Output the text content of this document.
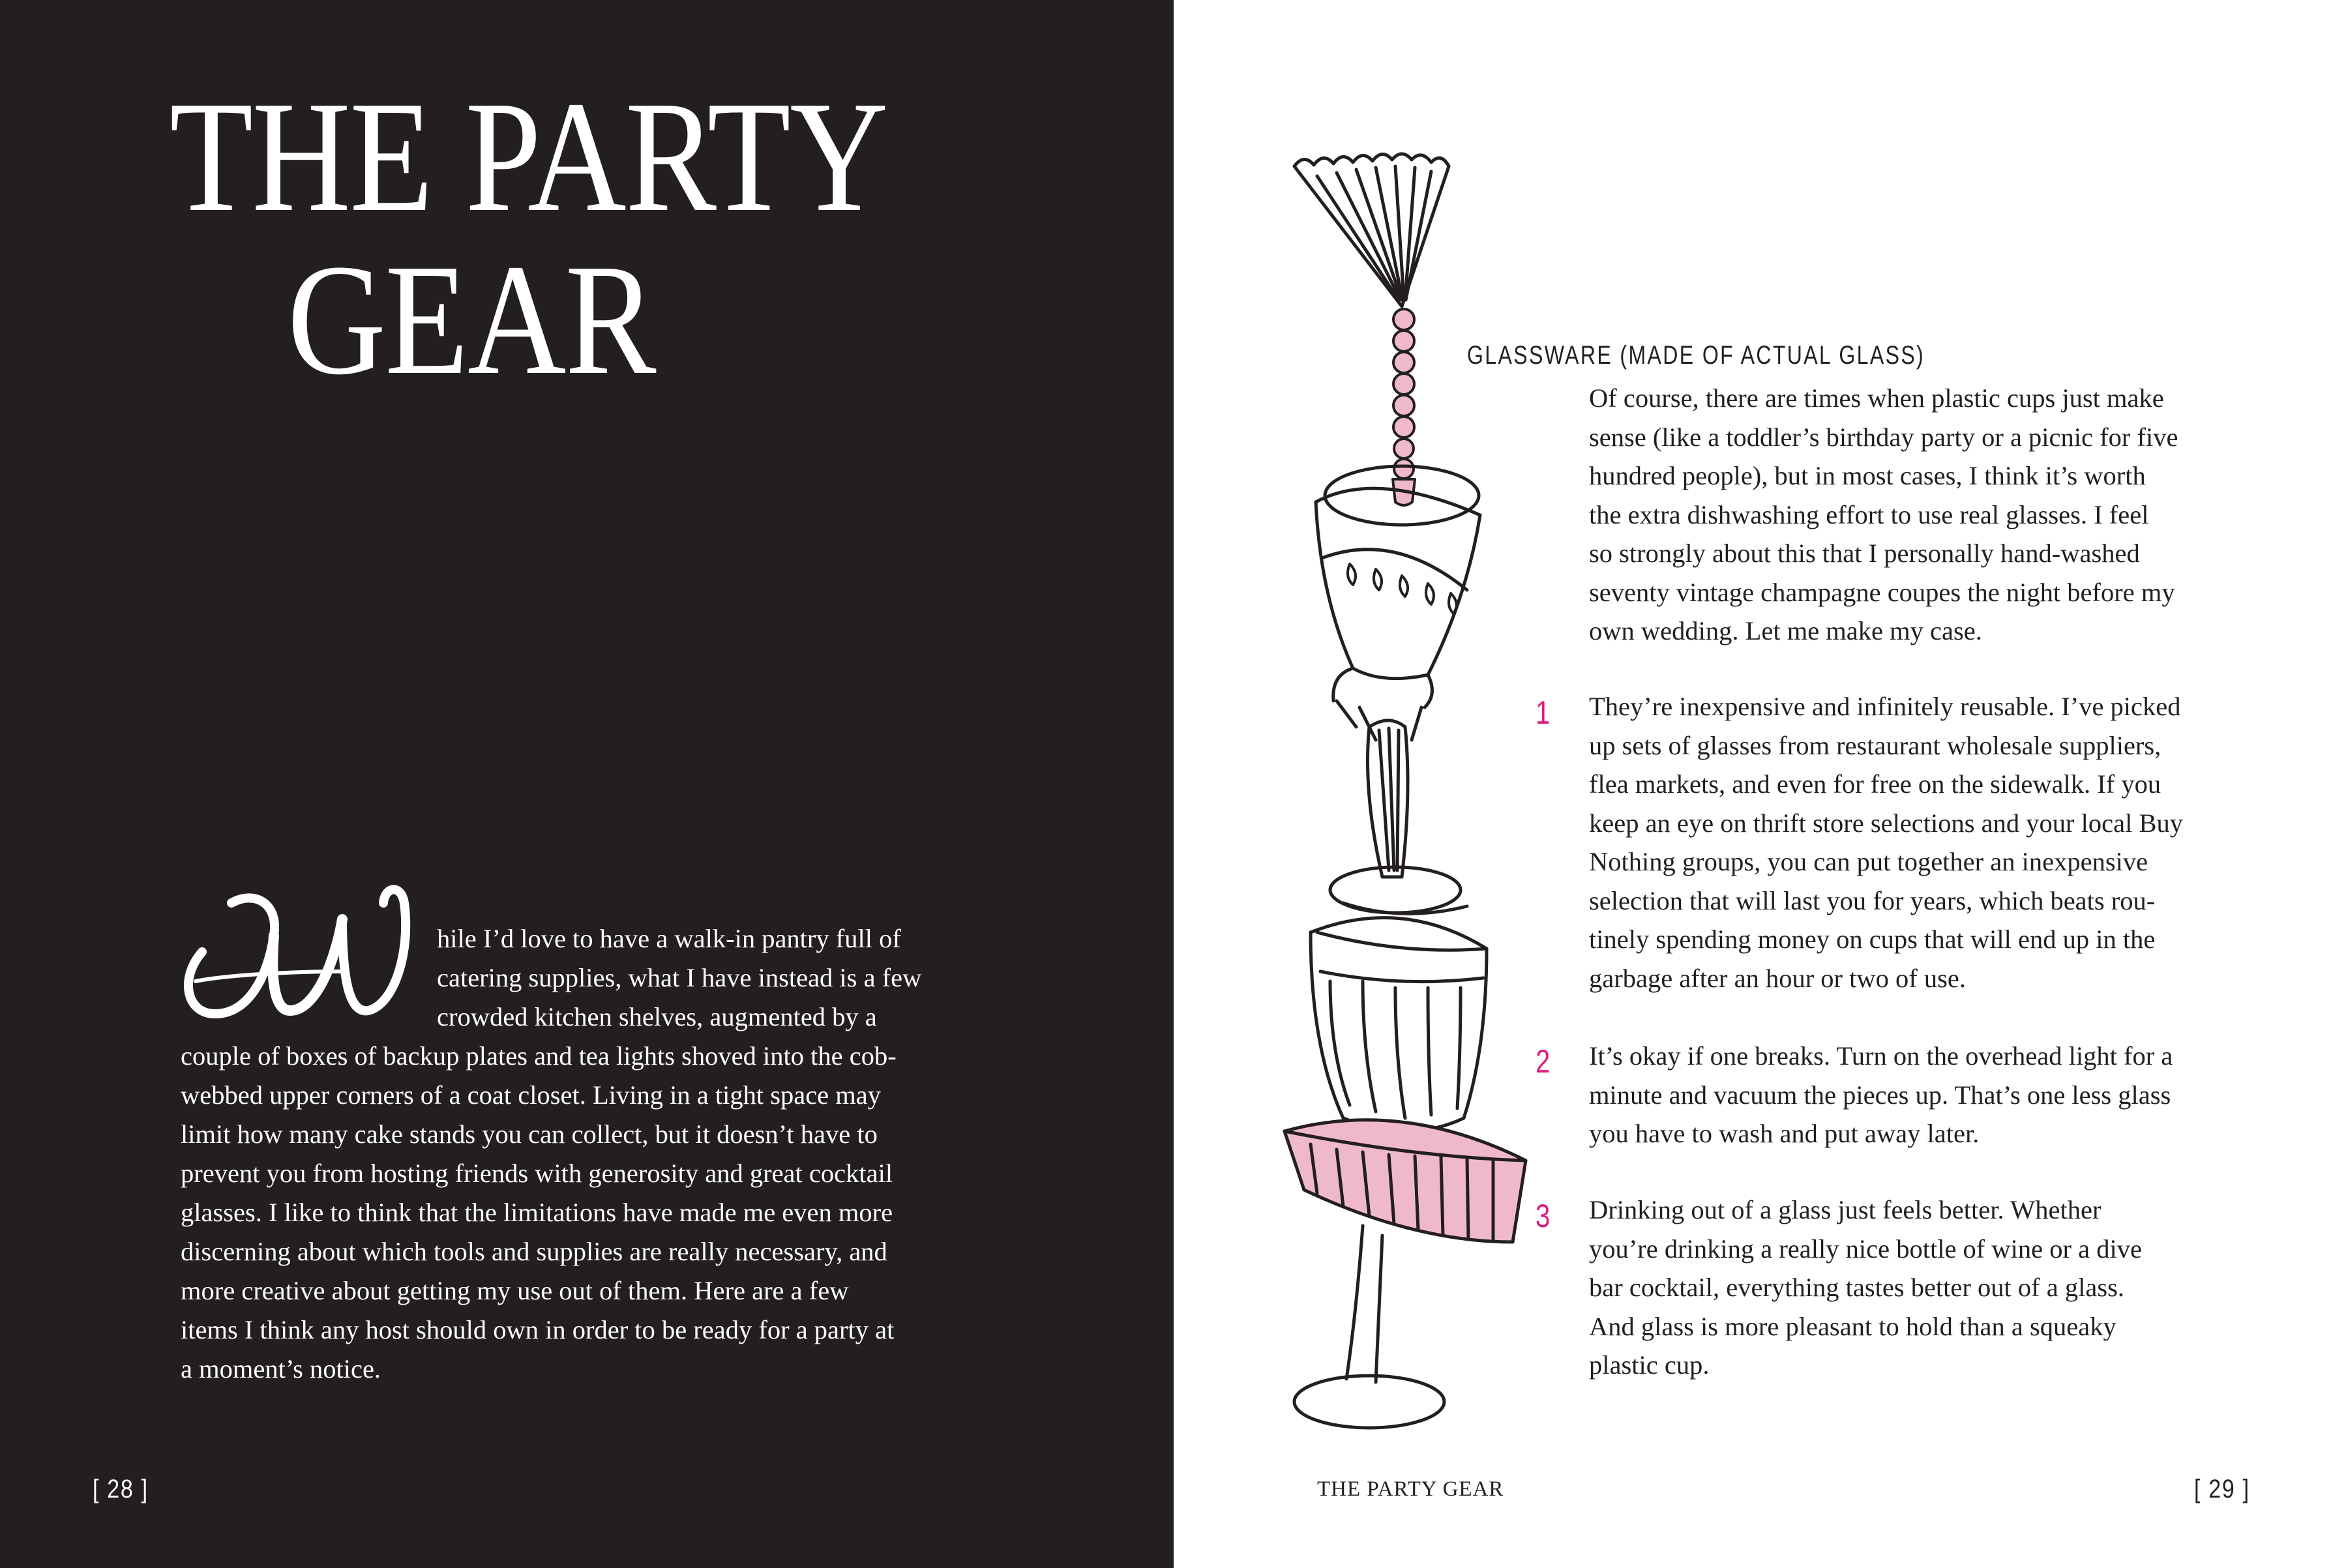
THE PARTY
GEAR
hile I’d love to have a walk-in pantry full of
catering supplies, what I have instead is a few
crowded kitchen shelves, augmented by a
couple of boxes of backup plates and tea lights shoved into the cob-
webbed upper corners of a coat closet. Living in a tight space may
limit how many cake stands you can collect, but it doesn’t have to
prevent you from hosting friends with generosity and great cocktail
glasses. I like to think that the limitations have made me even more
discerning about which tools and supplies are really necessary, and
more creative about getting my use out of them. Here are a few
items I think any host should own in order to be ready for a party at
a moment’s notice.
[ 28 ]
GLASSWARE (MADE OF ACTUAL GLASS)
Of course, there are times when plastic cups just make
sense (like a toddler’s birthday party or a picnic for five
hundred people), but in most cases, I think it’s worth
the extra dishwashing effort to use real glasses. I feel
so strongly about this that I personally hand-washed
seventy vintage champagne coupes the night before my
own wedding. Let me make my case.
1 They’re inexpensive and infinitely reusable. I’ve picked
up sets of glasses from restaurant wholesale suppliers,
flea markets, and even for free on the sidewalk. If you
keep an eye on thrift store selections and your local Buy
Nothing groups, you can put together an inexpensive
selection that will last you for years, which beats rou-
tinely spending money on cups that will end up in the
garbage after an hour or two of use.
2 It’s okay if one breaks. Turn on the overhead light for a
minute and vacuum the pieces up. That’s one less glass
you have to wash and put away later.
3 Drinking out of a glass just feels better. Whether
you’re drinking a really nice bottle of wine or a dive
bar cocktail, everything tastes better out of a glass.
And glass is more pleasant to hold than a squeaky
plastic cup.
THE PARTY GEAR	[ 29 ]
